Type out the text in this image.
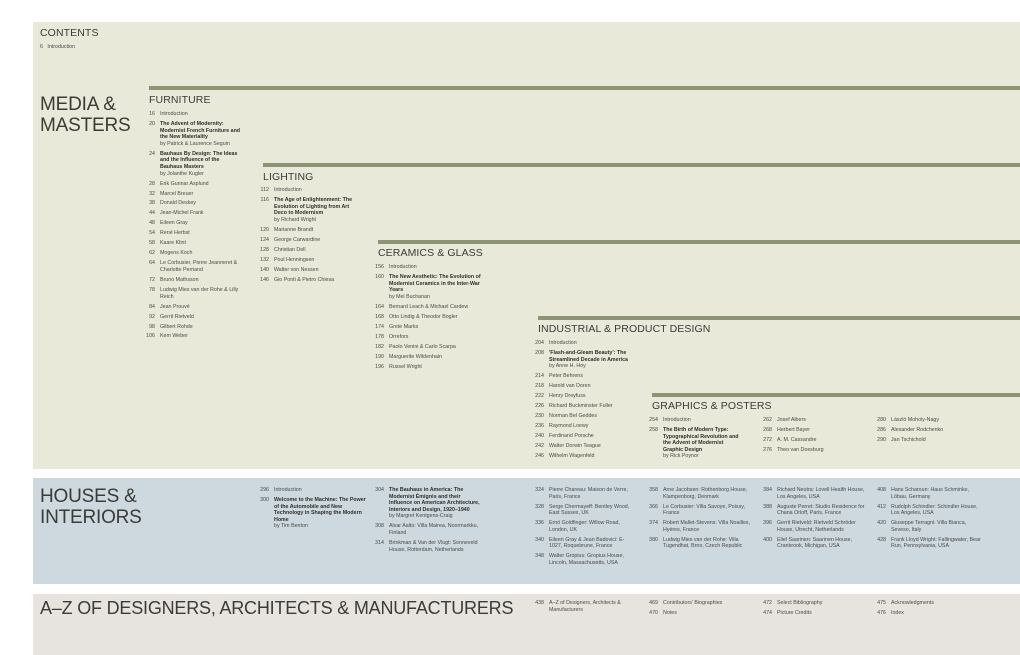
CONTENTS
6 Introduction
MEDIA &
MASTERS
FURNITURE
LIGHTING
CERAMICS & GLASS
INDUSTRIAL & PRODUCT DESIGN
GRAPHICS & POSTERS
16 Introduction
20 The Advent of Modernity: Modernist French Furniture and the New Materiality
by Patrick & Laurence Seguin
24 Bauhaus By Design: The Ideas and the Influence of the Bauhaus Masters
by Jolanthe Kugler
28 Erik Gunnar Asplund
32 Marcel Breuer
38 Donald Deskey
44 Jean-Michel Frank
48 Eileen Gray
54 René Herbst
58 Kaare Klint
62 Mogens Koch
64 Le Corbusier, Pierre Jeanneret & Charlotte Perriand
72 Bruno Mathsson
78 Ludwig Mies van der Rohe & Lilly Reich
84 Jean Prouvé
92 Gerrit Rietveld
98 Gilbert Rohde
106 Kem Weber
112 Introduction
116 The Age of Enlightenment: The Evolution of Lighting from Art Deco to Modernism
by Richard Wright
120 Marianne Brandt
124 George Carwardine
128 Christian Dell
132 Poul Henningsen
140 Walter von Nessen
146 Gio Ponti & Pietro Chiesa
156 Introduction
160 The New Aesthetic: The Evolution of Modernist Ceramics in the Inter-War Years
by Mel Buchanan
164 Bernard Leach & Michael Cardew
168 Otto Lindig & Theodor Bogler
174 Grete Marks
178 Orrefors
182 Paolo Venini & Carlo Scarpa
190 Marguerite Wildenhain
196 Russel Wright
204 Introduction
208 'Flash-and-Gleam Beauty': The Streamlined Decade in America
by Anne H. Hoy
214 Peter Behrens
218 Harold van Doren
222 Henry Dreyfuss
226 Richard Buckminster Fuller
230 Norman Bel Geddes
236 Raymond Loewy
240 Ferdinand Porsche
242 Walter Dorwin Teague
246 Wilhelm Wagenfeld
254 Introduction
258 The Birth of Modern Type: Typographical Revolution and the Advent of Modernist Graphic Design
by Rick Poynor
262 Josef Albers
268 Herbert Bayer
272 A. M. Cassandre
276 Theo van Doesburg
280 László Moholy-Nagy
286 Alexander Rodchenko
290 Jan Tschichold
HOUSES &
INTERIORS
296 Introduction
300 Welcome to the Machine: The Power of the Automobile and New Technology in Shaping the Modern Home
by Tim Benton
304 The Bauhaus in America: The Modernist Émigrés and their Influence on American Architecture, Interiors and Design, 1920–1940
by Margret Kentgens-Craig
308 Alvar Aalto: Villa Mairea, Noormarkku, Finland
314 Brinkman & Van der Vlugt: Sonneveld House, Rotterdam, Netherlands
324 Pierre Chareau: Maison de Verre, Paris, France
328 Serge Chermayeff: Bentley Wood, East Sussex, UK
336 Ernö Goldfinger: Willow Road, London, UK
340 Eileen Gray & Jean Badovici: E-1027, Roquebrune, France
348 Walter Gropius: Gropius House, Lincoln, Massachusetts, USA
358 Arne Jacobsen: Rothenborg House, Klampenborg, Denmark
366 Le Corbusier: Villa Savoye, Poissy, France
374 Robert Mallet-Stevens: Villa Noailles, Hyères, France
380 Ludwig Mies van der Rohe: Villa Tugendhat, Brno, Czech Republic
384 Richard Neutra: Lovell Health House, Los Angeles, USA
388 Auguste Perret: Studio Residence for Chana Orloff, Paris, France
396 Gerrit Rietveld: Rietveld Schröder House, Utrecht, Netherlands
400 Eliel Saarinen: Saarinen House, Cranbrook, Michigan, USA
408 Hans Scharoun: Haus Schminke, Löbau, Germany
412 Rudolph Schindler: Schindler House, Los Angeles, USA
420 Giuseppe Terragni: Villa Bianca, Seveso, Italy
428 Frank Lloyd Wright: Fallingwater, Bear Run, Pennsylvania, USA
A–Z OF DESIGNERS, ARCHITECTS & MANUFACTURERS	438 A–Z of Designers, Architects & Manufacturers
469 Contributors' Biographies
470 Notes
472 Select Bibliography
474 Picture Credits
475 Acknowledgments
476 Index
